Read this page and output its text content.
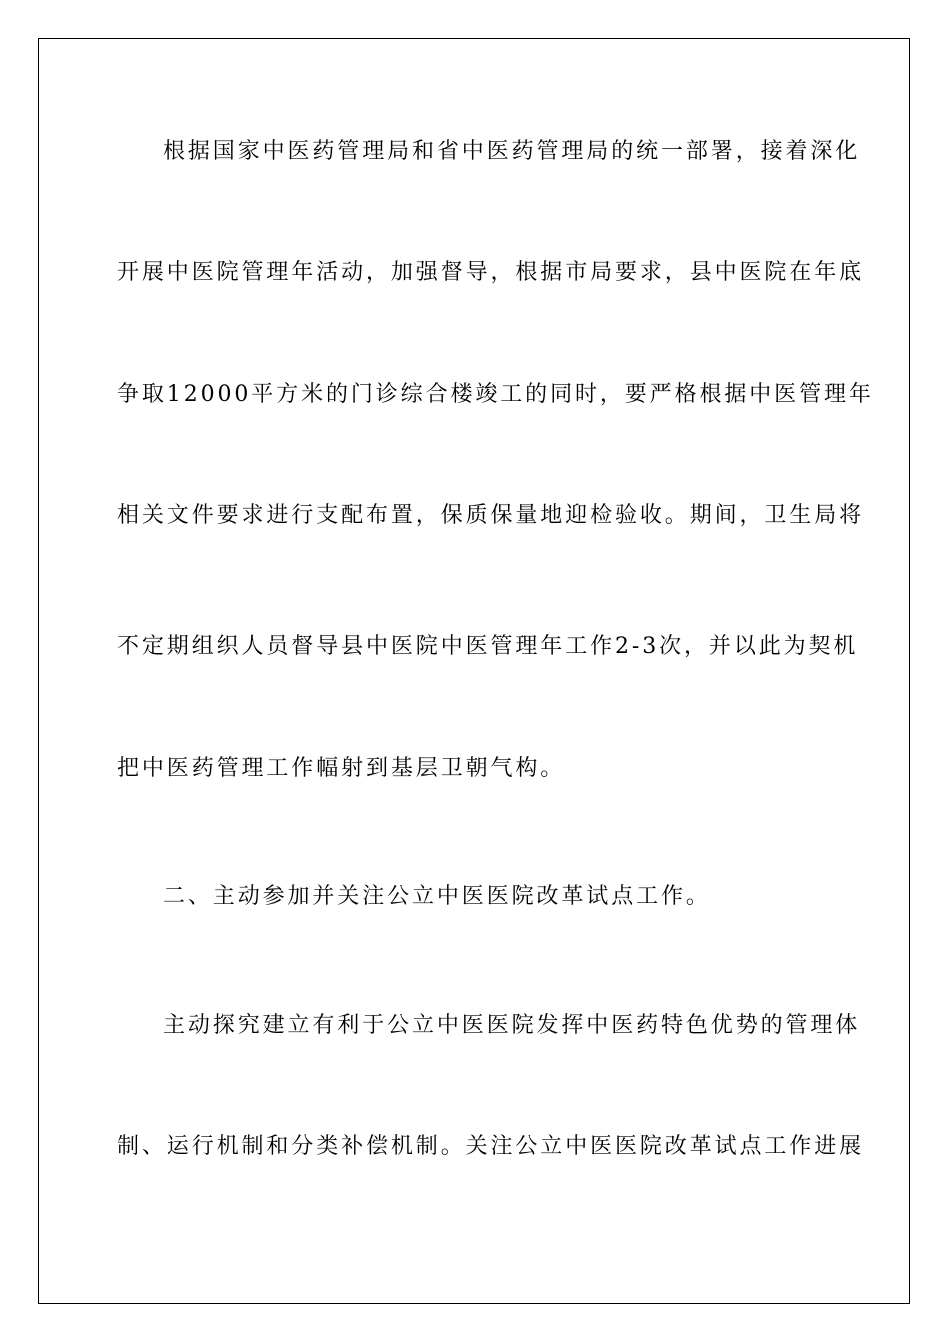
根据国家中医药管理局和省中医药管理局的统一部署，接着深化
开展中医院管理年活动，加强督导，根据市局要求，县中医院在年底
争取12000平方米的门诊综合楼竣工的同时，要严格根据中医管理年
相关文件要求进行支配布置，保质保量地迎检验收。期间，卫生局将
不定期组织人员督导县中医院中医管理年工作2-3次，并以此为契机
把中医药管理工作幅射到基层卫朝气构。
二、主动参加并关注公立中医医院改革试点工作。
主动探究建立有利于公立中医医院发挥中医药特色优势的管理体
制、运行机制和分类补偿机制。关注公立中医医院改革试点工作进展
